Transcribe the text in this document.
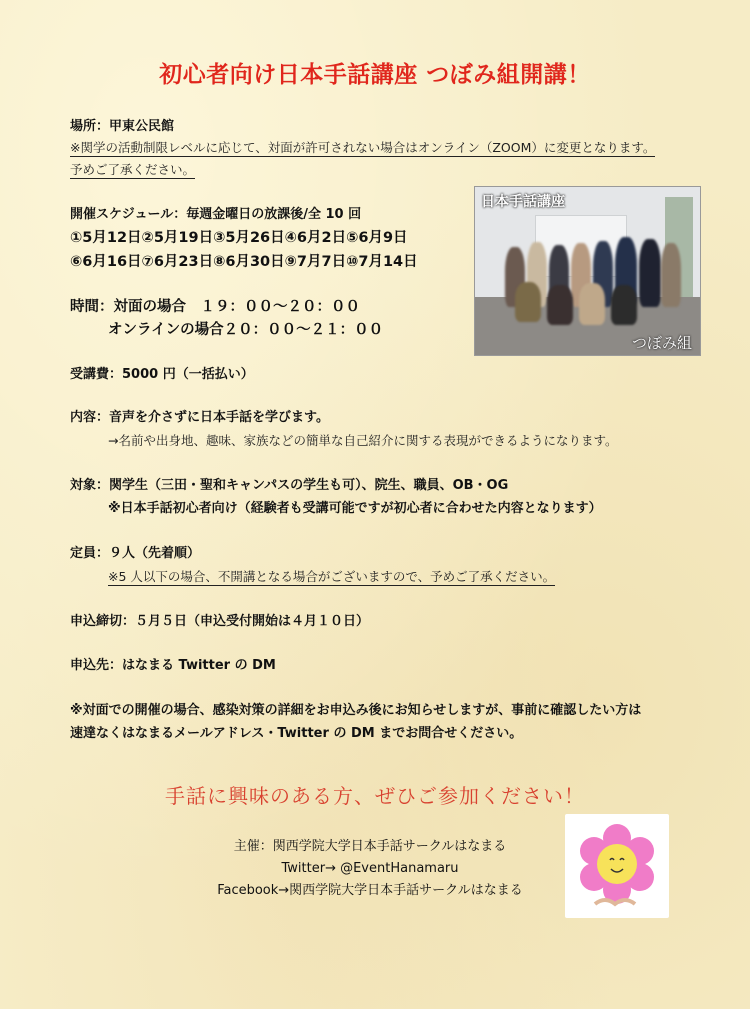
初心者向け日本手話講座 つぼみ組開講！
場所：甲東公民館
※関学の活動制限レベルに応じて、対面が許可されない場合はオンライン（ZOOM）に変更となります。
予めご了承ください。
開催スケジュール：毎週金曜日の放課後/全 10 回
①5月12日②5月19日③5月26日④6月2日⑤6月9日
⑥6月16日⑦6月23日⑧6月30日⑨7月7日⑩7月14日
時間：対面の場合　１９：００〜２０：００
オンラインの場合２０：００〜２１：００
受講費：5000 円（一括払い）
内容：音声を介さずに日本手話を学びます。
→名前や出身地、趣味、家族などの簡単な自己紹介に関する表現ができるようになります。
対象：関学生（三田・聖和キャンパスの学生も可）、院生、職員、OB・OG
※日本手話初心者向け（経験者も受講可能ですが初心者に合わせた内容となります）
定員：９人（先着順）
※5 人以下の場合、不開講となる場合がございますので、予めご了承ください。
申込締切：５月５日（申込受付開始は４月１０日）
申込先：はなまる Twitter の DM
※対面での開催の場合、感染対策の詳細をお申込み後にお知らせしますが、事前に確認したい方は
速達なくはなまるメールアドレス・Twitter の DM までお問合せください。
手話に興味のある方、ぜひご参加ください！
主催：関西学院大学日本手話サークルはなまる
Twitter→ @EventHanamaru
Facebook→関西学院大学日本手話サークルはなまる
日本手話講座
つぼみ組
